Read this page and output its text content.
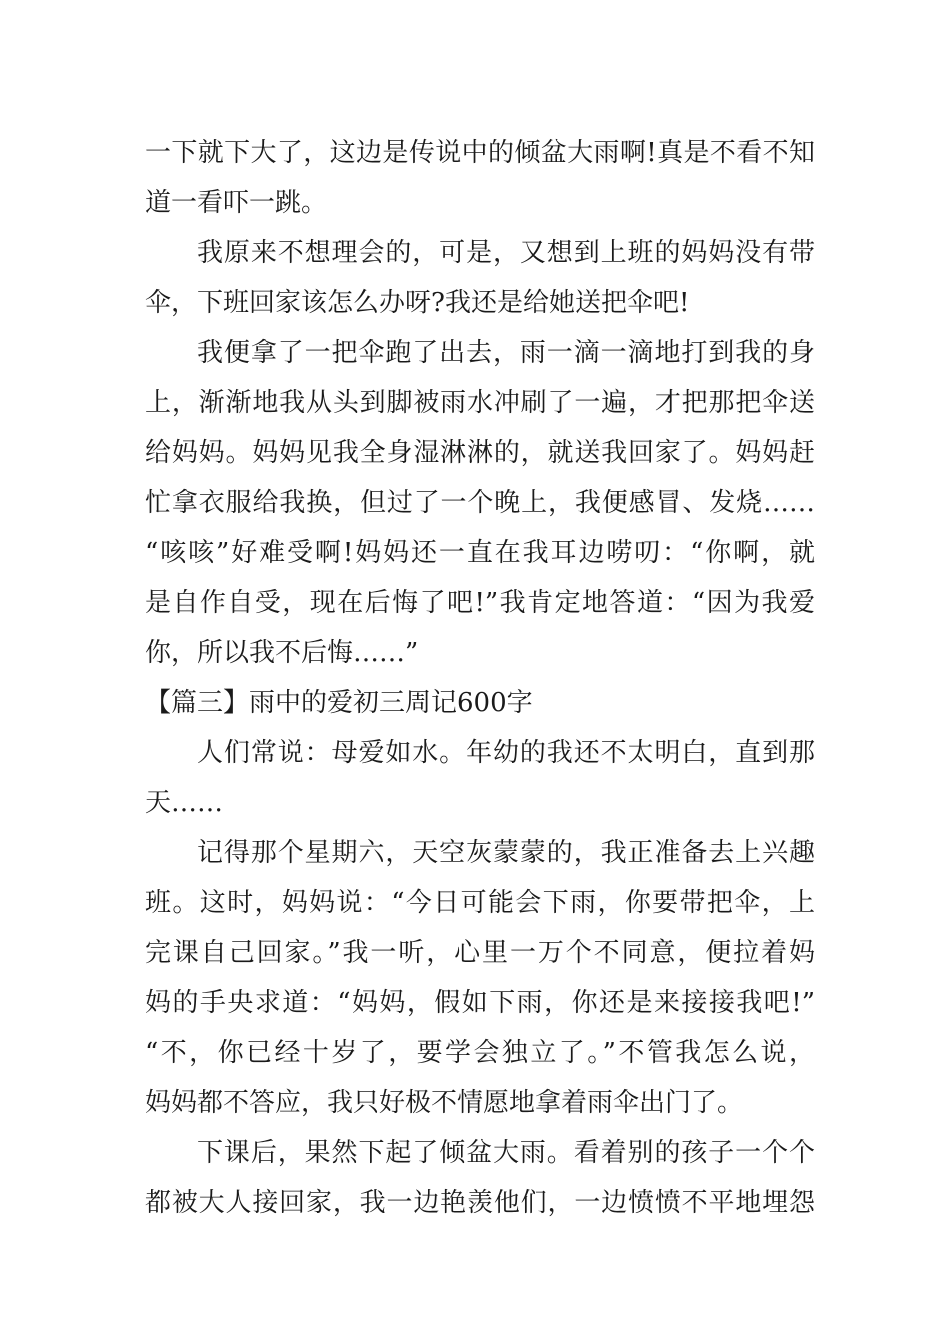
一下就下大了，这边是传说中的倾盆大雨啊!真是不看不知
道一看吓一跳。
我原来不想理会的，可是，又想到上班的妈妈没有带
伞，下班回家该怎么办呀?我还是给她送把伞吧!
我便拿了一把伞跑了出去，雨一滴一滴地打到我的身
上，渐渐地我从头到脚被雨水冲刷了一遍，才把那把伞送
给妈妈。妈妈见我全身湿淋淋的，就送我回家了。妈妈赶
忙拿衣服给我换，但过了一个晚上，我便感冒、发烧……
“咳咳”好难受啊!妈妈还一直在我耳边唠叨：“你啊，就
是自作自受，现在后悔了吧!”我肯定地答道：“因为我爱
你，所以我不后悔……”
【篇三】雨中的爱初三周记600字
人们常说：母爱如水。年幼的我还不太明白，直到那
天……
记得那个星期六，天空灰蒙蒙的，我正准备去上兴趣
班。这时，妈妈说：“今日可能会下雨，你要带把伞，上
完课自己回家。”我一听，心里一万个不同意，便拉着妈
妈的手央求道：“妈妈，假如下雨，你还是来接接我吧!”
“不，你已经十岁了，要学会独立了。”不管我怎么说，
妈妈都不答应，我只好极不情愿地拿着雨伞出门了。
下课后，果然下起了倾盆大雨。看着别的孩子一个个
都被大人接回家，我一边艳羡他们，一边愤愤不平地埋怨
